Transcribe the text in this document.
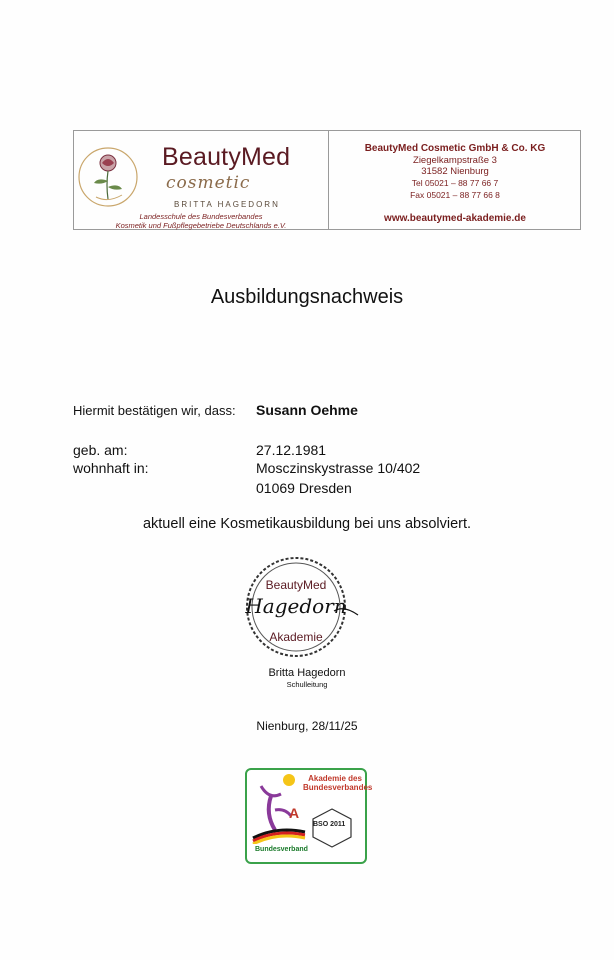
BeautyMed
cosmetic
BRITTA HAGEDORN
Landesschule des Bundesverbandes
Kosmetik und Fußpflegebetriebe Deutschlands e.V.
BeautyMed Cosmetic GmbH & Co. KG
Ziegelkampstraße 3
31582 Nienburg
Tel 05021 – 88 77 66 7
Fax 05021 – 88 77 66 8
www.beautymed-akademie.de
Ausbildungsnachweis
Hiermit bestätigen wir, dass: Susann Oehme
geb. am:	27.12.1981
wohnhaft in:	Mosczinskystrasse 10/402
01069 Dresden
aktuell eine Kosmetikausbildung bei uns absolviert.
BeautyMed
Hagedorn
Akademie
Britta Hagedorn
Schulleitung
Nienburg, 28/11/25
A
Akademie des
Bundesverbandes
BSO 2011
Bundesverband
